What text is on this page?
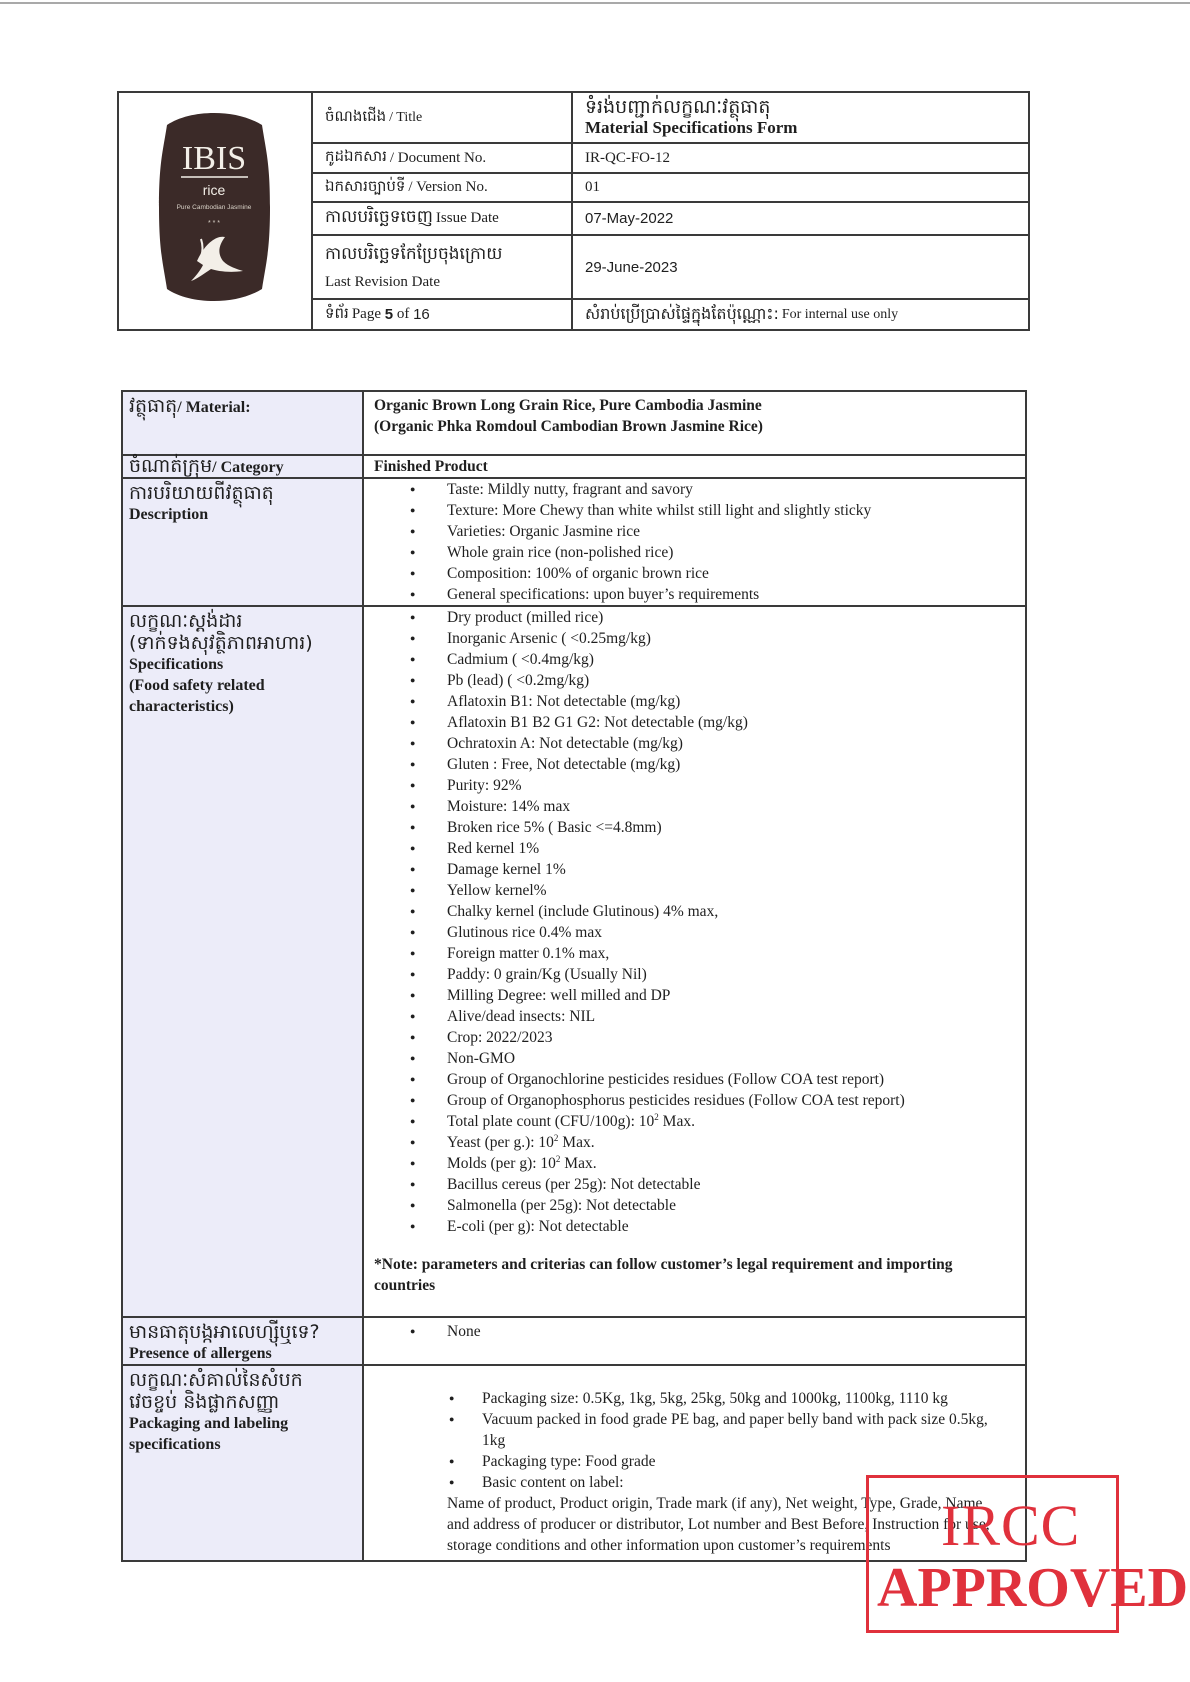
IBIS
rice
Pure Cambodian Jasmine
* * *
ចំណងជើង / Title	ទំរង់បញ្ជាក់លក្ខណៈវត្ថុធាតុ
Material Specifications Form
កូដឯកសារ / Document No.	IR-QC-FO-12
ឯកសារច្បាប់ទី / Version No.	01
កាលបរិច្ឆេទចេញ Issue Date	07-May-2022
កាលបរិច្ឆេទកែប្រែចុងក្រោយ
Last Revision Date
29-June-2023
ទំព័រ Page
5
of
16	សំរាប់ប្រើប្រាស់ផ្ទៃក្នុងតែប៉ុណ្ណោះ: For internal use only
វត្ថុធាតុ/ Material:	Organic Brown Long Grain Rice, Pure Cambodia Jasmine
(Organic Phka Romdoul Cambodian Brown Jasmine Rice)
ចំណាត់ក្រុម/ Category	Finished Product
ការបរិយាយពីវត្ថុធាតុ
Description
● Taste: Mildly nutty, fragrant and savory
● Texture: More Chewy than white whilst still light and slightly sticky
● Varieties: Organic Jasmine rice
● Whole grain rice (non-polished rice)
● Composition: 100% of organic brown rice
● General specifications: upon buyer’s requirements
លក្ខណៈស្តង់ដារ
(ទាក់ទងសុវត្ថិភាពអាហារ)
Specifications
(Food safety related characteristics)
● Dry product (milled rice)
● Inorganic Arsenic ( <0.25mg/kg)
● Cadmium ( <0.4mg/kg)
● Pb (lead) ( <0.2mg/kg)
● Aflatoxin B1: Not detectable (mg/kg)
● Aflatoxin B1 B2 G1 G2: Not detectable (mg/kg)
● Ochratoxin A: Not detectable (mg/kg)
● Gluten : Free, Not detectable (mg/kg)
● Purity: 92%
● Moisture: 14% max
● Broken rice 5% ( Basic <=4.8mm)
● Red kernel 1%
● Damage kernel 1%
● Yellow kernel%
● Chalky kernel (include Glutinous) 4% max,
● Glutinous rice 0.4% max
● Foreign matter 0.1% max,
● Paddy: 0 grain/Kg (Usually Nil)
● Milling Degree: well milled and DP
● Alive/dead insects: NIL
● Crop: 2022/2023
● Non-GMO
● Group of Organochlorine pesticides residues (Follow COA test report)
● Group of Organophosphorus pesticides residues (Follow COA test report)
● Total plate count (CFU/100g): $10^2$ Max.
● Yeast (per g.): $10^2$ Max.
● Molds (per g): $10^2$ Max.
● Bacillus cereus (per 25g): Not detectable
● Salmonella (per 25g): Not detectable
● E-coli (per g): Not detectable
*Note: parameters and criterias can follow customer’s legal requirement and importing countries
មានធាតុបង្កអាលេហ្ស៊ីឬទេ?
Presence of allergens
● None
លក្ខណៈសំគាល់នៃសំបក
វេចខ្ចប់ និងផ្លាកសញ្ញា
Packaging and labeling
specifications
● Packaging size: 0.5Kg, 1kg, 5kg, 25kg, 50kg and 1000kg, 1100kg, 1110 kg
● Vacuum packed in food grade PE bag, and paper belly band with pack size 0.5kg, 1kg
● Packaging type: Food grade
● Basic content on label:
Name of product, Product origin, Trade mark (if any), Net weight, Type, Grade, Name and address of producer or distributor, Lot number and Best Before, Instruction for use, storage conditions and other information upon customer’s requirements IRCC
APPROVED
